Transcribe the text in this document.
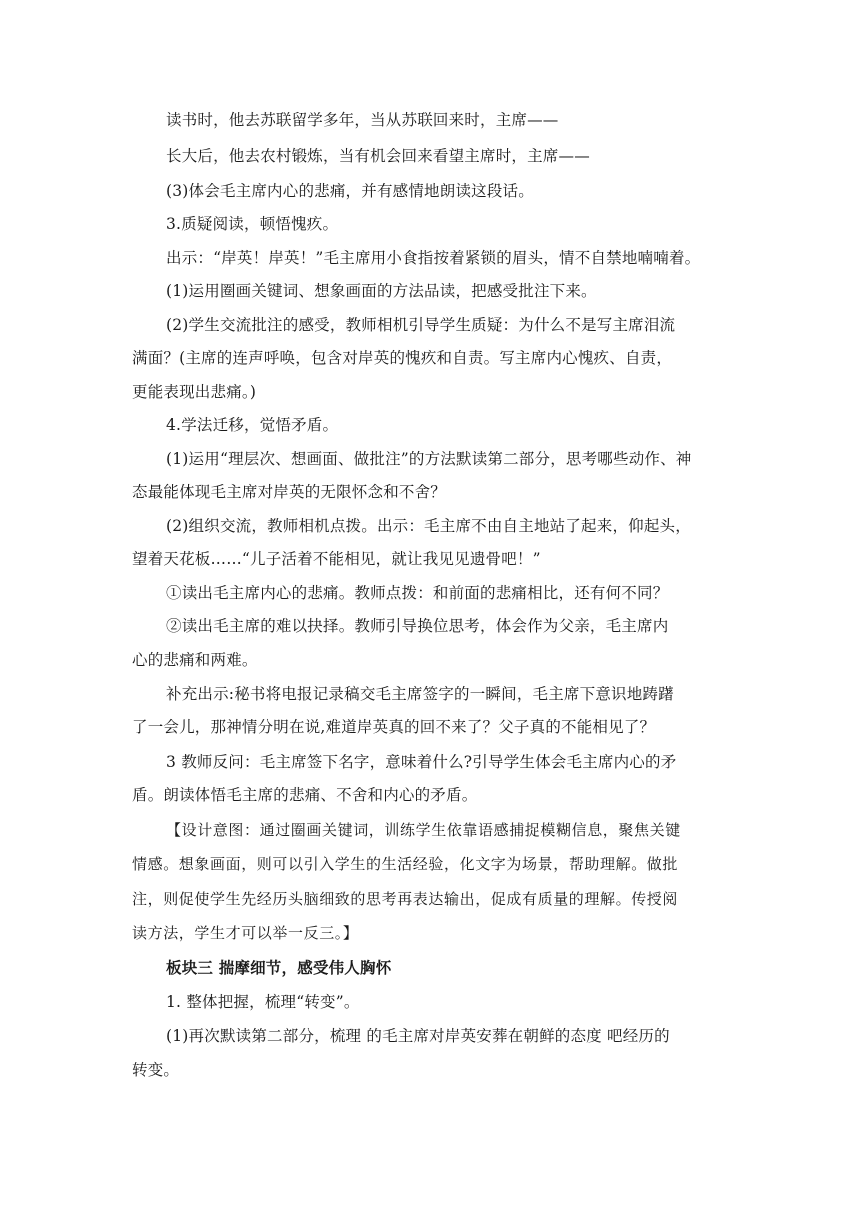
读书时，他去苏联留学多年，当从苏联回来时，主席——
长大后，他去农村锻炼，当有机会回来看望主席时，主席——
(3)体会毛主席内心的悲痛，并有感情地朗读这段话。
3.质疑阅读，顿悟愧疚。
出示：“岸英！岸英！”毛主席用小食指按着紧锁的眉头，情不自禁地喃喃着。
(1)运用圈画关键词、想象画面的方法品读，把感受批注下来。
(2)学生交流批注的感受，教师相机引导学生质疑：为什么不是写主席泪流
满面？(主席的连声呼唤，包含对岸英的愧疚和自责。写主席内心愧疚、自责，
更能表现出悲痛。)
4.学法迁移，觉悟矛盾。
(1)运用“理层次、想画面、做批注”的方法默读第二部分，思考哪些动作、神
态最能体现毛主席对岸英的无限怀念和不舍？
(2)组织交流，教师相机点拨。出示：毛主席不由自主地站了起来，仰起头，
望着天花板……“儿子活着不能相见，就让我见见遗骨吧！”
①读出毛主席内心的悲痛。教师点拨：和前面的悲痛相比，还有何不同？
②读出毛主席的难以抉择。教师引导换位思考，体会作为父亲，毛主席内
心的悲痛和两难。
补充出示:秘书将电报记录稿交毛主席签字的一瞬间，毛主席下意识地踌躇
了一会儿，那神情分明在说,难道岸英真的回不来了？父子真的不能相见了？
3 教师反问：毛主席签下名字，意味着什么?引导学生体会毛主席内心的矛
盾。朗读体悟毛主席的悲痛、不舍和内心的矛盾。
【设计意图：通过圈画关键词，训练学生依靠语感捕捉模糊信息，聚焦关键
情感。想象画面，则可以引入学生的生活经验，化文字为场景，帮助理解。做批
注，则促使学生先经历头脑细致的思考再表达输出，促成有质量的理解。传授阅
读方法，学生才可以举一反三。】
板块三 揣摩细节，感受伟人胸怀
1. 整体把握，梳理“转变”。
(1)再次默读第二部分，梳理 的毛主席对岸英安葬在朝鲜的态度 吧经历的
转变。
